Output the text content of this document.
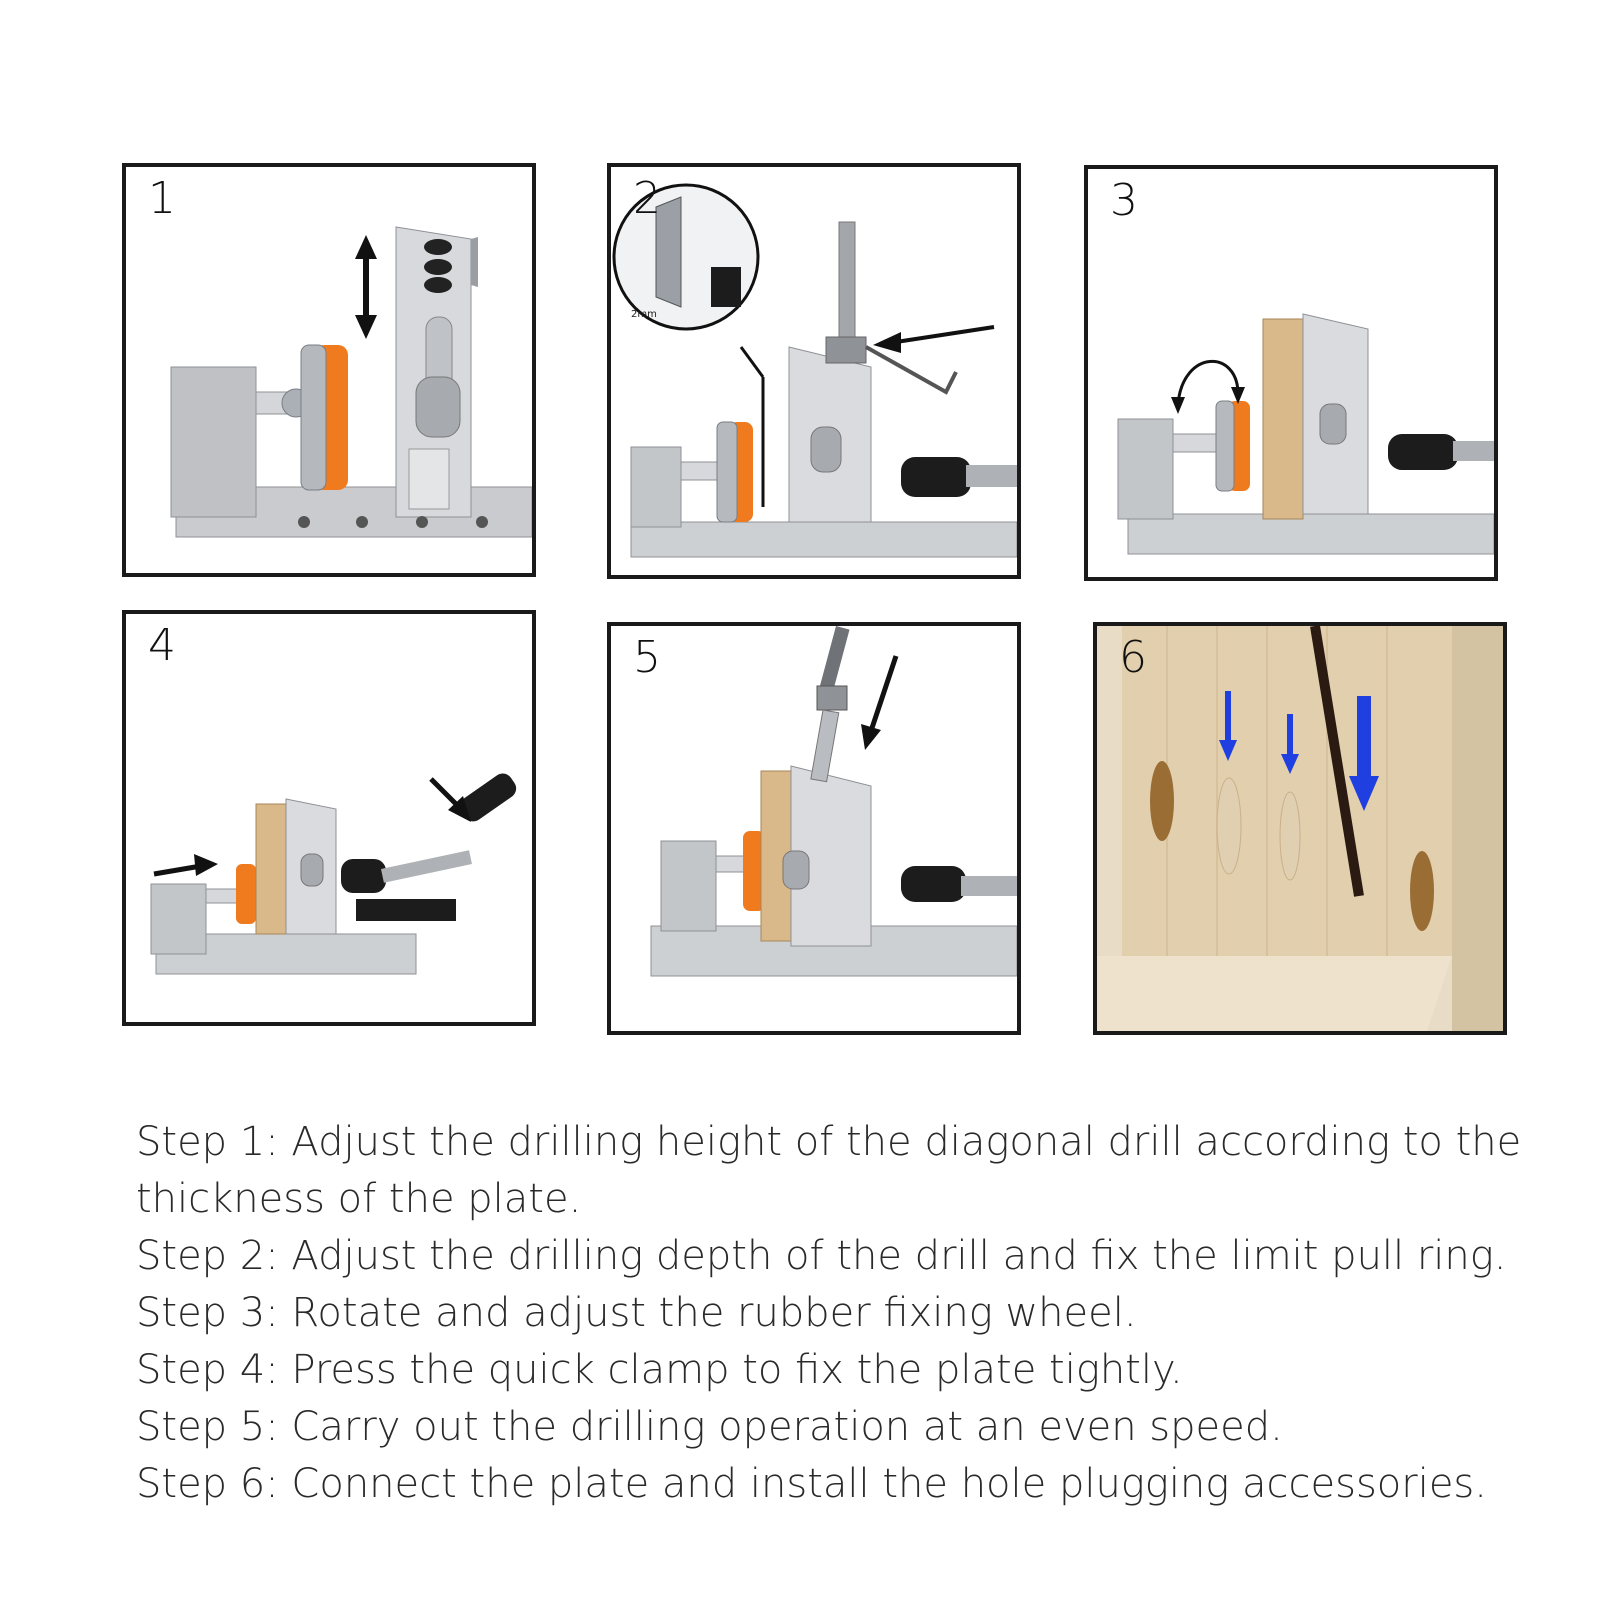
1	2
2mm
3
4	5	6
Step 1: Adjust the drilling height of the diagonal drill according to the thickness of the plate.
Step 2: Adjust the drilling depth of the drill and fix the limit pull ring.
Step 3: Rotate and adjust the rubber fixing wheel.
Step 4: Press the quick clamp to fix the plate tightly.
Step 5: Carry out the drilling operation at an even speed.
Step 6: Connect the plate and install the hole plugging accessories.
